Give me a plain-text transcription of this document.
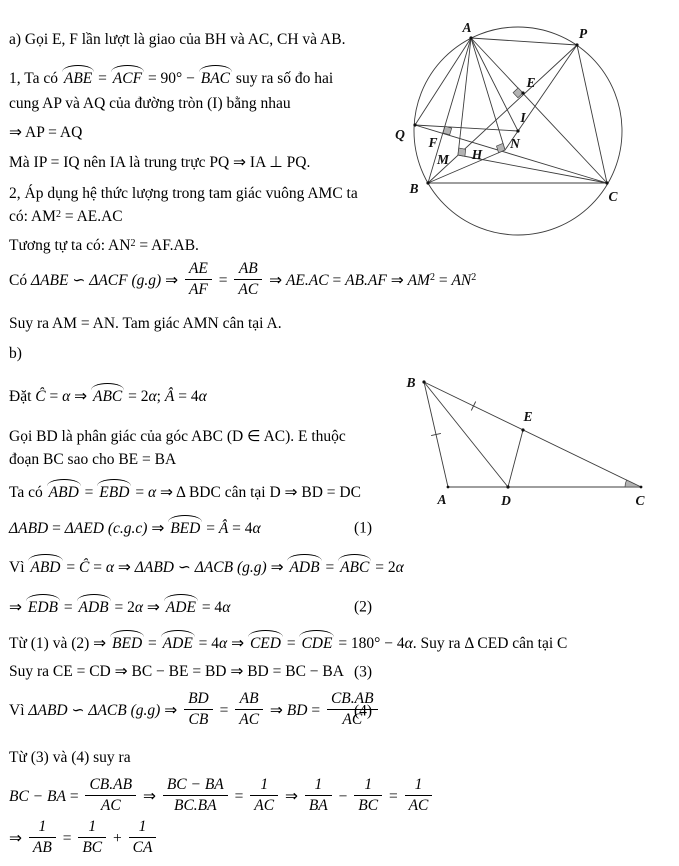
a) Gọi E, F lần lượt là giao của BH và AC, CH và AB.
1, Ta có ABE = ACF = 90° − BAC suy ra số đo hai
cung AP và AQ của đường tròn (I) bằng nhau
⇒ AP = AQ
Mà IP = IQ nên IA là trung trực PQ ⇒ IA ⊥ PQ.
2, Áp dụng hệ thức lượng trong tam giác vuông AMC ta
có: $AM^2 = AE.AC$
Tương tự ta có: $AN^2 = AF.AB$.
Có ΔABE ∽ ΔACF (g.g) ⇒ $\frac{AE}{AF} = \frac{AB}{AC}$ ⇒ AE.AC = AB.AF ⇒ $AM^2 = AN^2$
Suy ra AM = AN. Tam giác AMN cân tại A.
b)
Đặt Ĉ = α ⇒ ABC = 2α; Â = 4α
Gọi BD là phân giác của góc ABC (D ∈ AC). E thuộc
đoạn BC sao cho BE = BA
Ta có ABD = EBD = α ⇒ Δ BDC cân tại D ⇒ BD = DC
ΔABD = ΔAED (c.g.c) ⇒ BED = Â = 4α	(1)
Vì ABD = Ĉ = α ⇒ ΔABD ∽ ΔACB (g.g) ⇒ ADB = ABC = 2α
⇒ EDB = ADB = 2α ⇒ ADE = 4α	(2)
Từ (1) và (2) ⇒ BED = ADE = 4α ⇒ CED = CDE = 180° − 4α. Suy ra Δ CED cân tại C
Suy ra CE = CD ⇒ BC − BE = BD ⇒ BD = BC − BA (3)
Vì ΔABD ∽ ΔACB (g.g) ⇒ $\frac{BD}{CB} = \frac{AB}{AC}$ ⇒ BD = $\frac{CB.AB}{AC}$
(4)
Từ (3) và (4) suy ra
BC − BA = $\frac{CB.AB}{AC}$ ⇒ $\frac{BC - BA}{BC.BA} = \frac{1}{AC}$ ⇒ $\frac{1}{BA} - \frac{1}{BC} = \frac{1}{AC}$
⇒ $\frac{1}{AB} = \frac{1}{BC} + \frac{1}{CA}$
A	P
Q
B
C
E
I
F
M H
N
B
A	D	C
E
